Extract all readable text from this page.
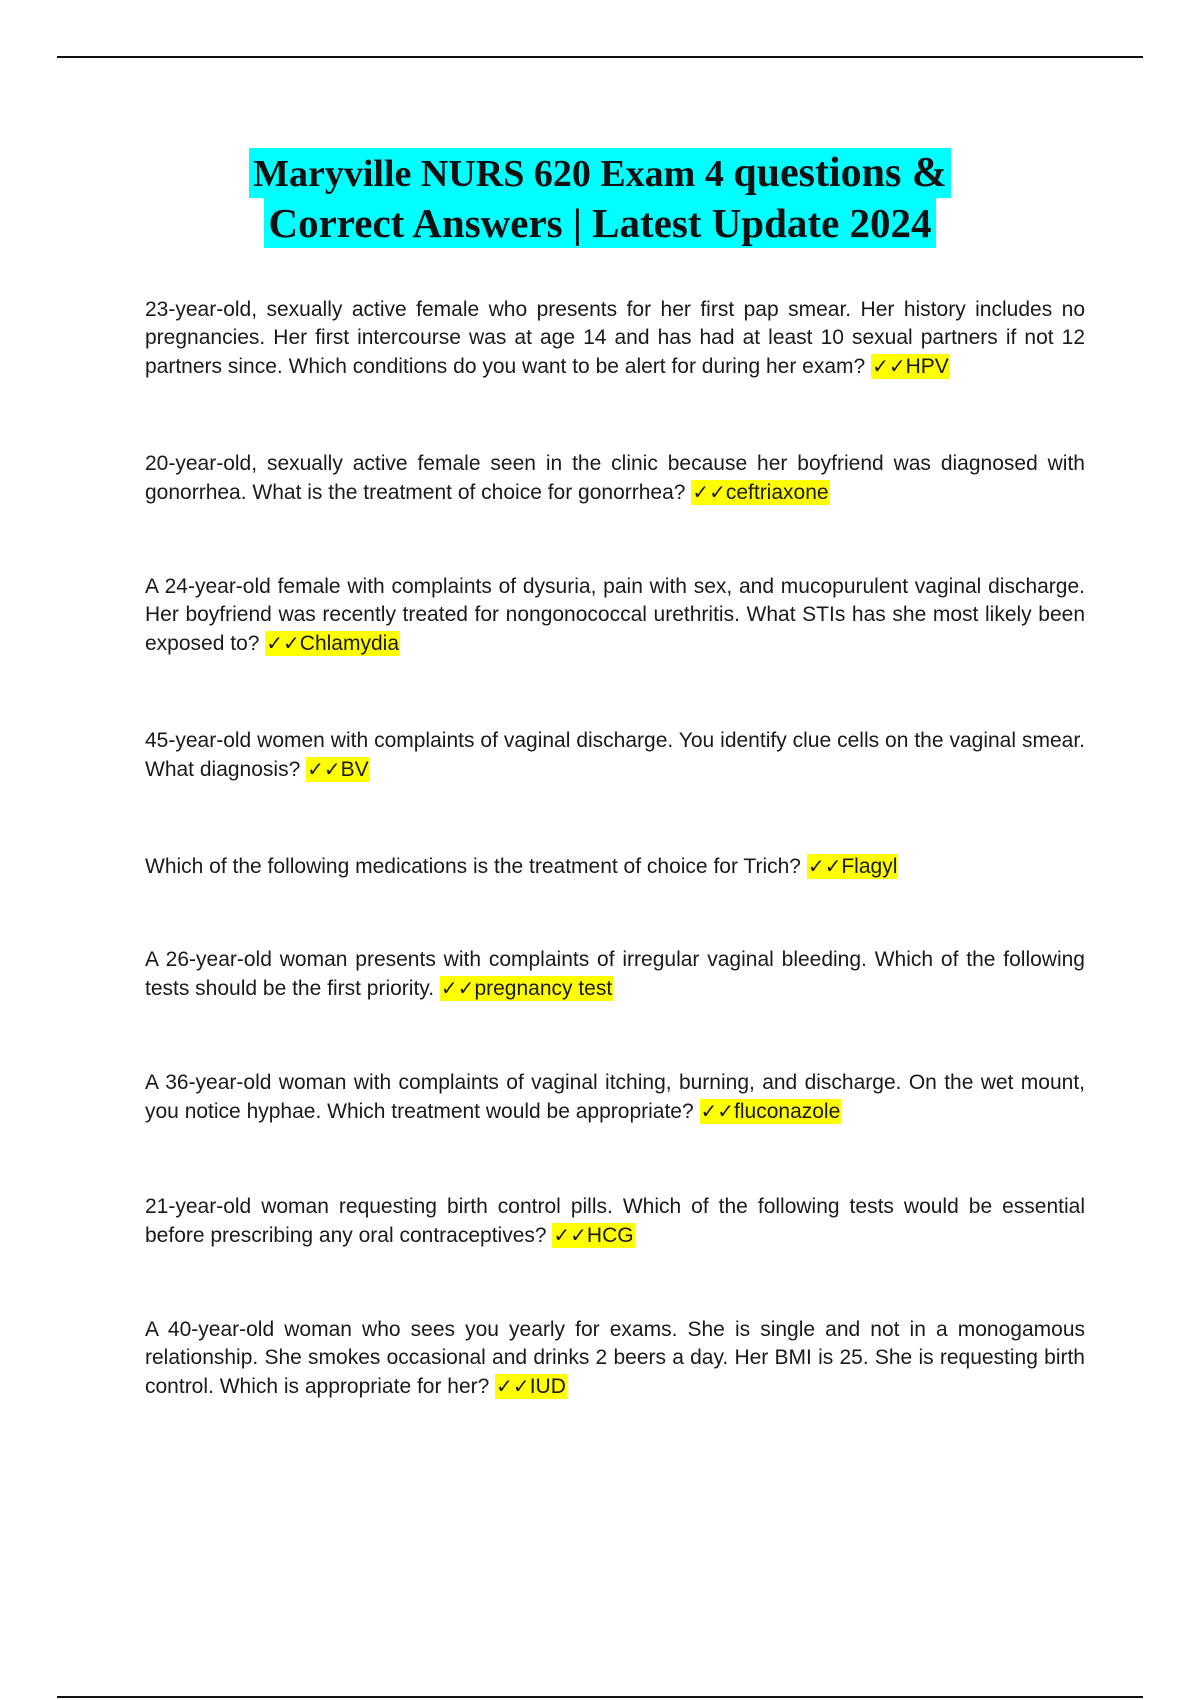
Maryville NURS 620 Exam 4 questions &
Correct Answers | Latest Update 2024

23-year-old, sexually active female who presents for her first pap smear. Her history includes no pregnancies. Her first intercourse was at age 14 and has had at least 10 sexual partners if not 12 partners since. Which conditions do you want to be alert for during her exam? ✓✓HPV

20-year-old, sexually active female seen in the clinic because her boyfriend was diagnosed with gonorrhea. What is the treatment of choice for gonorrhea? ✓✓ceftriaxone

A 24-year-old female with complaints of dysuria, pain with sex, and mucopurulent vaginal discharge. Her boyfriend was recently treated for nongonococcal urethritis. What STIs has she most likely been exposed to? ✓✓Chlamydia

45-year-old women with complaints of vaginal discharge. You identify clue cells on the vaginal smear. What diagnosis? ✓✓BV

Which of the following medications is the treatment of choice for Trich? ✓✓Flagyl

A 26-year-old woman presents with complaints of irregular vaginal bleeding. Which of the following tests should be the first priority. ✓✓pregnancy test

A 36-year-old woman with complaints of vaginal itching, burning, and discharge. On the wet mount, you notice hyphae. Which treatment would be appropriate? ✓✓fluconazole

21-year-old woman requesting birth control pills. Which of the following tests would be essential before prescribing any oral contraceptives? ✓✓HCG

A 40-year-old woman who sees you yearly for exams. She is single and not in a monogamous relationship. She smokes occasional and drinks 2 beers a day. Her BMI is 25. She is requesting birth control. Which is appropriate for her? ✓✓IUD
